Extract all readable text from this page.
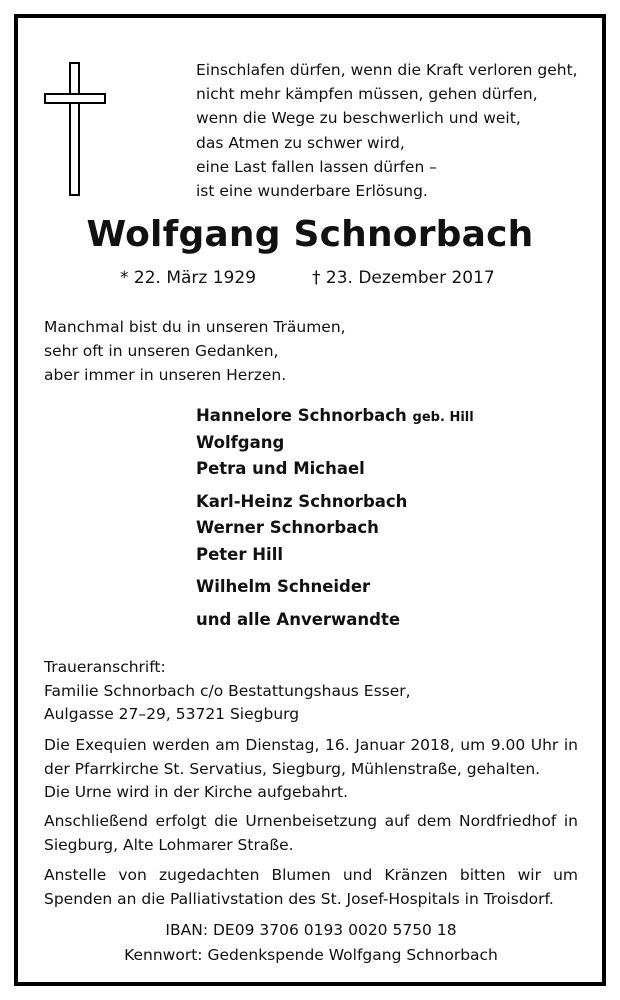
Einschlafen dürfen, wenn die Kraft verloren geht,
nicht mehr kämpfen müssen, gehen dürfen,
wenn die Wege zu beschwerlich und weit,
das Atmen zu schwer wird,
eine Last fallen lassen dürfen –
ist eine wunderbare Erlösung.
Wolfgang Schnorbach
* 22. März 1929	† 23. Dezember 2017
Manchmal bist du in unseren Träumen,
sehr oft in unseren Gedanken,
aber immer in unseren Herzen.
Hannelore Schnorbach geb. Hill
Wolfgang
Petra und Michael
Karl-Heinz Schnorbach
Werner Schnorbach
Peter Hill
Wilhelm Schneider
und alle Anverwandte
Traueranschrift:
Familie Schnorbach c/o Bestattungshaus Esser,
Aulgasse 27–29, 53721 Siegburg
Die Exequien werden am Dienstag, 16. Januar 2018, um 9.00 Uhr in der Pfarrkirche St. Servatius, Siegburg, Mühlenstraße, gehalten.
Die Urne wird in der Kirche aufgebahrt.
Anschließend erfolgt die Urnenbeisetzung auf dem Nordfriedhof in Siegburg, Alte Lohmarer Straße.
Anstelle von zugedachten Blumen und Kränzen bitten wir um Spenden an die Palliativstation des St. Josef-Hospitals in Troisdorf.
IBAN: DE09 3706 0193 0020 5750 18
Kennwort: Gedenkspende Wolfgang Schnorbach
